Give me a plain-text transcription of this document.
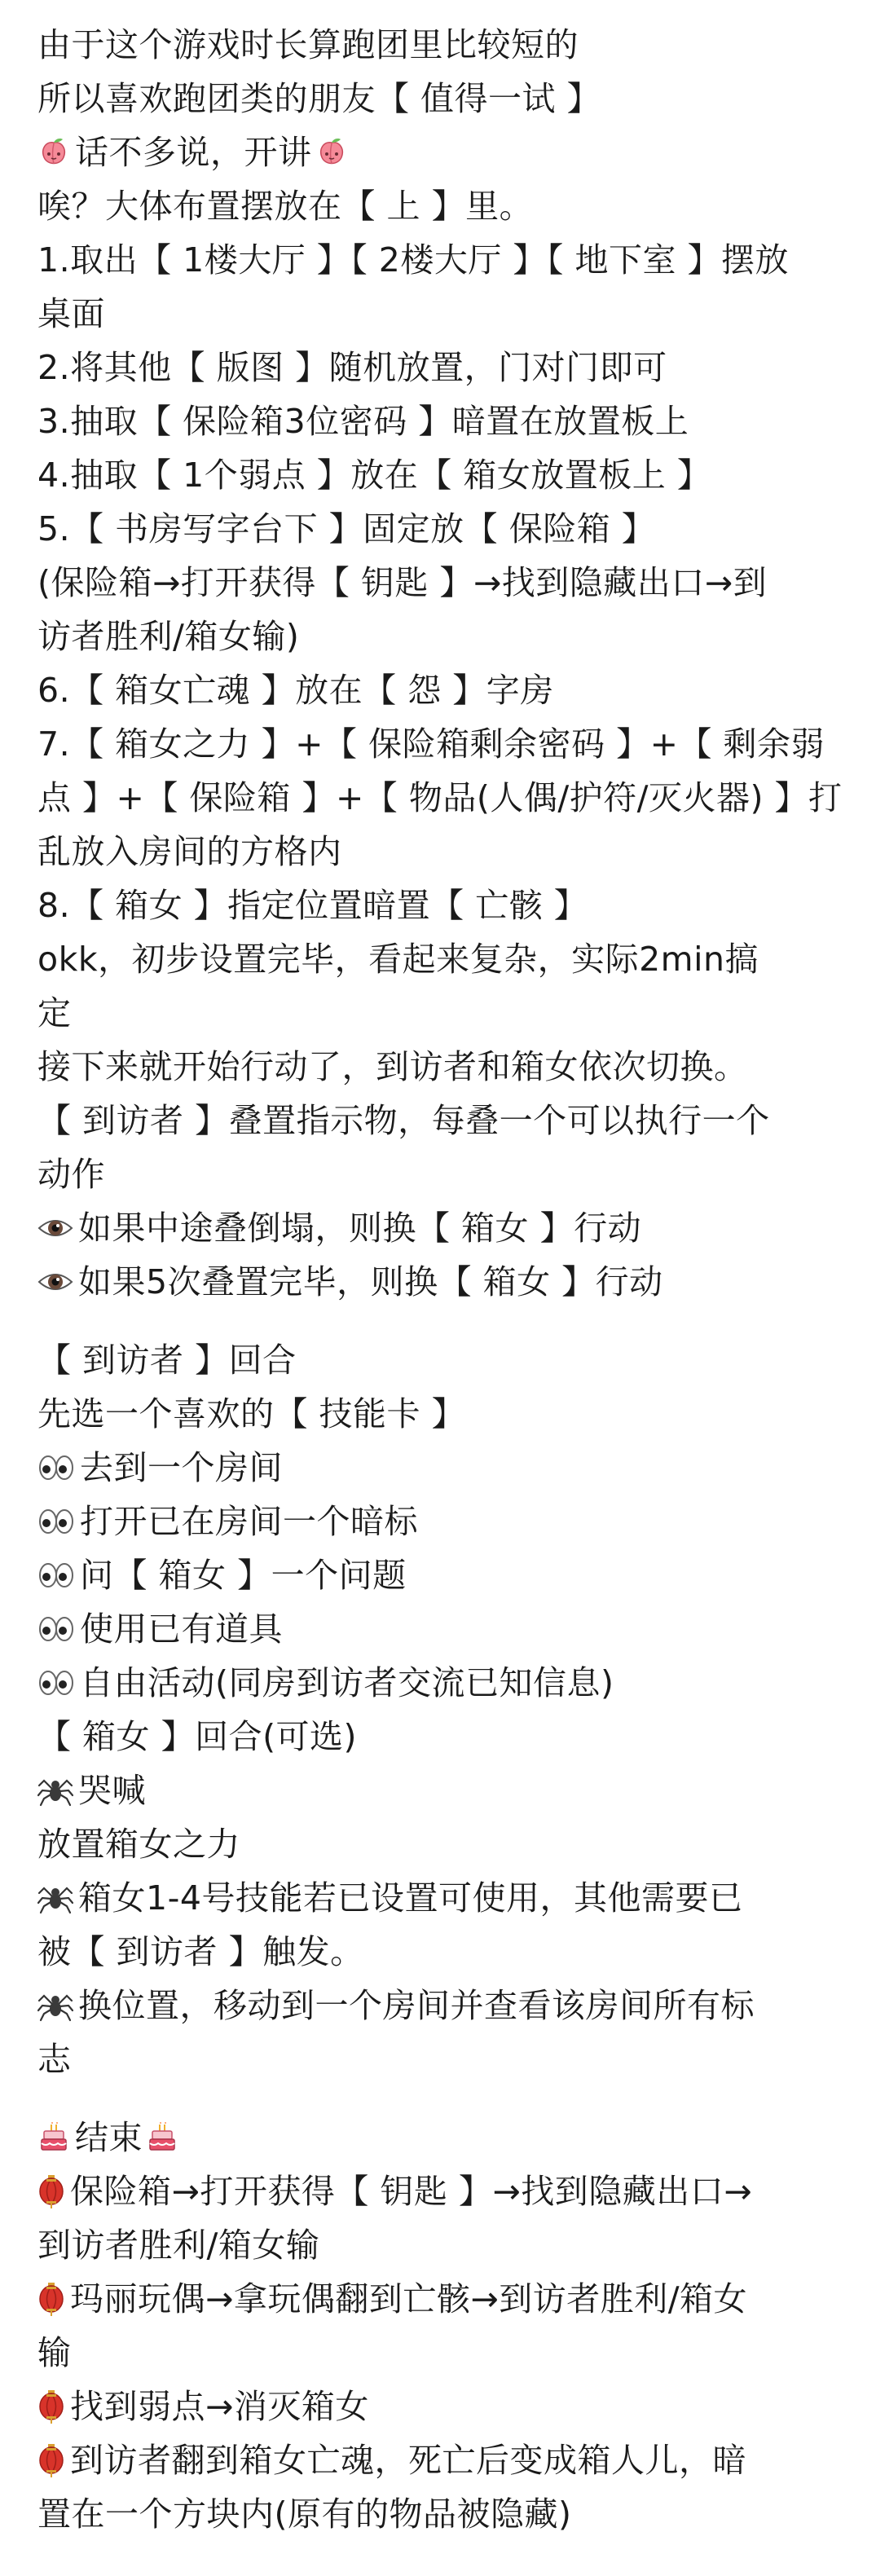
由于这个游戏时长算跑团里比较短的
所以喜欢跑团类的朋友【 值得一试 】
话不多说，开讲
唉？大体布置摆放在【 上 】里。
1.取出【 1楼大厅 】【 2楼大厅 】【 地下室 】摆放
桌面
2.将其他【 版图 】随机放置，门对门即可
3.抽取【 保险箱3位密码 】暗置在放置板上
4.抽取【 1个弱点 】放在【 箱女放置板上 】
5.【 书房写字台下 】固定放【 保险箱 】
(保险箱→打开获得【 钥匙 】→找到隐藏出口→到
访者胜利/箱女输)
6.【 箱女亡魂 】放在【 怨 】字房
7.【 箱女之力 】+【 保险箱剩余密码 】+【 剩余弱
点 】+【 保险箱 】+【 物品(人偶/护符/灭火器) 】打
乱放入房间的方格内
8.【 箱女 】指定位置暗置【 亡骸 】
okk，初步设置完毕，看起来复杂，实际2min搞
定
接下来就开始行动了，到访者和箱女依次切换。
【 到访者 】叠置指示物，每叠一个可以执行一个
动作
如果中途叠倒塌，则换【 箱女 】行动
如果5次叠置完毕，则换【 箱女 】行动
【 到访者 】回合
先选一个喜欢的【 技能卡 】
去到一个房间
打开已在房间一个暗标
问【 箱女 】一个问题
使用已有道具
自由活动(同房到访者交流已知信息)
【 箱女 】回合(可选)
哭喊
放置箱女之力
箱女1-4号技能若已设置可使用，其他需要已
被【 到访者 】触发。
换位置，移动到一个房间并查看该房间所有标
志
结束
保险箱→打开获得【 钥匙 】→找到隐藏出口→
到访者胜利/箱女输
玛丽玩偶→拿玩偶翻到亡骸→到访者胜利/箱女
输
找到弱点→消灭箱女
到访者翻到箱女亡魂，死亡后变成箱人儿，暗
置在一个方块内(原有的物品被隐藏)
